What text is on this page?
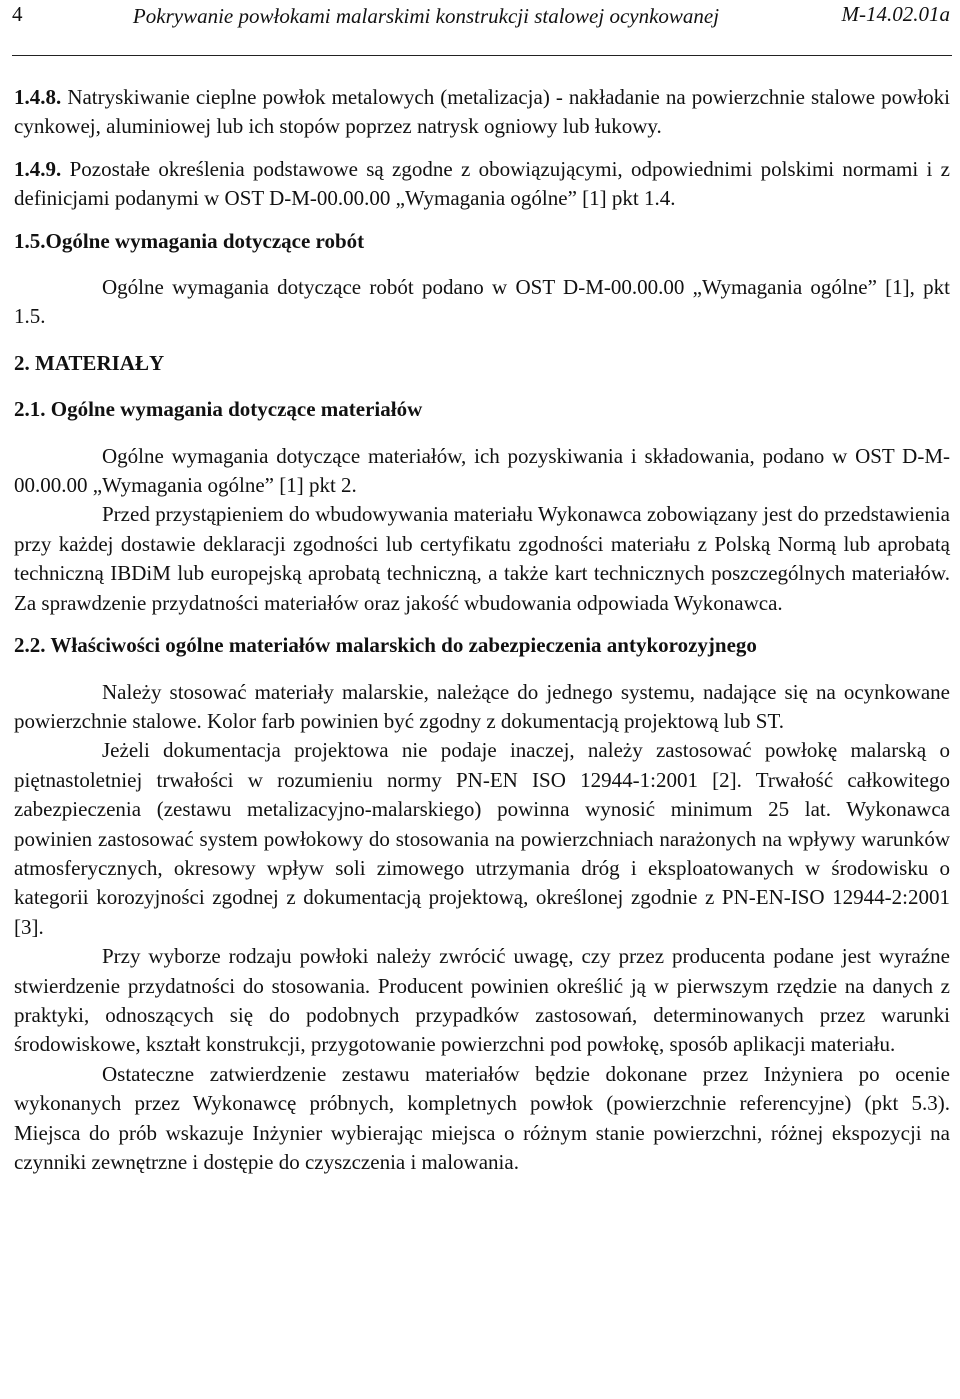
4	Pokrywanie powłokami malarskimi konstrukcji stalowej ocynkowanej	M-14.02.01a

1.4.8. Natryskiwanie cieplne powłok metalowych (metalizacja) - nakładanie na powierzchnie stalowe powłoki cynkowej, aluminiowej lub ich stopów poprzez natrysk ogniowy lub łukowy.

1.4.9. Pozostałe określenia podstawowe są zgodne z obowiązującymi, odpowiednimi polskimi normami i z definicjami podanymi w OST D-M-00.00.00 „Wymagania ogólne” [1] pkt 1.4.

1.5.Ogólne wymagania dotyczące robót

Ogólne wymagania dotyczące robót podano w OST D-M-00.00.00 „Wymagania ogólne” [1], pkt 1.5.

2. MATERIAŁY

2.1. Ogólne wymagania dotyczące materiałów

Ogólne wymagania dotyczące materiałów, ich pozyskiwania i składowania, podano w OST D-M-00.00.00 „Wymagania ogólne” [1] pkt 2.

Przed przystąpieniem do wbudowywania materiału Wykonawca zobowiązany jest do przedstawienia przy każdej dostawie deklaracji zgodności lub certyfikatu zgodności materiału z Polską Normą lub aprobatą techniczną IBDiM lub europejską aprobatą techniczną, a także kart technicznych poszczególnych materiałów. Za sprawdzenie przydatności materiałów oraz jakość wbudowania odpowiada Wykonawca.

2.2. Właściwości ogólne materiałów malarskich do zabezpieczenia antykorozyjnego

Należy stosować materiały malarskie, należące do jednego systemu, nadające się na ocynkowane powierzchnie stalowe. Kolor farb powinien być zgodny z dokumentacją projektową lub ST.

Jeżeli dokumentacja projektowa nie podaje inaczej, należy zastosować powłokę malarską o piętnastoletniej trwałości w rozumieniu normy PN-EN ISO 12944-1:2001 [2]. Trwałość całkowitego zabezpieczenia (zestawu metalizacyjno-malarskiego) powinna wynosić minimum 25 lat. Wykonawca powinien zastosować system powłokowy do stosowania na powierzchniach narażonych na wpływy warunków atmosferycznych, okresowy wpływ soli zimowego utrzymania dróg i eksploatowanych w środowisku o kategorii korozyjności zgodnej z dokumentacją projektową, określonej zgodnie z PN-EN-ISO 12944-2:2001 [3].

Przy wyborze rodzaju powłoki należy zwrócić uwagę, czy przez producenta podane jest wyraźne stwierdzenie przydatności do stosowania. Producent powinien określić ją w pierwszym rzędzie na danych z praktyki, odnoszących się do podobnych przypadków zastosowań, determinowanych przez warunki środowiskowe, kształt konstrukcji, przygotowanie powierzchni pod powłokę, sposób aplikacji materiału.

Ostateczne zatwierdzenie zestawu materiałów będzie dokonane przez Inżyniera po ocenie wykonanych przez Wykonawcę próbnych, kompletnych powłok (powierzchnie referencyjne) (pkt 5.3). Miejsca do prób wskazuje Inżynier wybierając miejsca o różnym stanie powierzchni, różnej ekspozycji na czynniki zewnętrzne i dostępie do czyszczenia i malowania.
